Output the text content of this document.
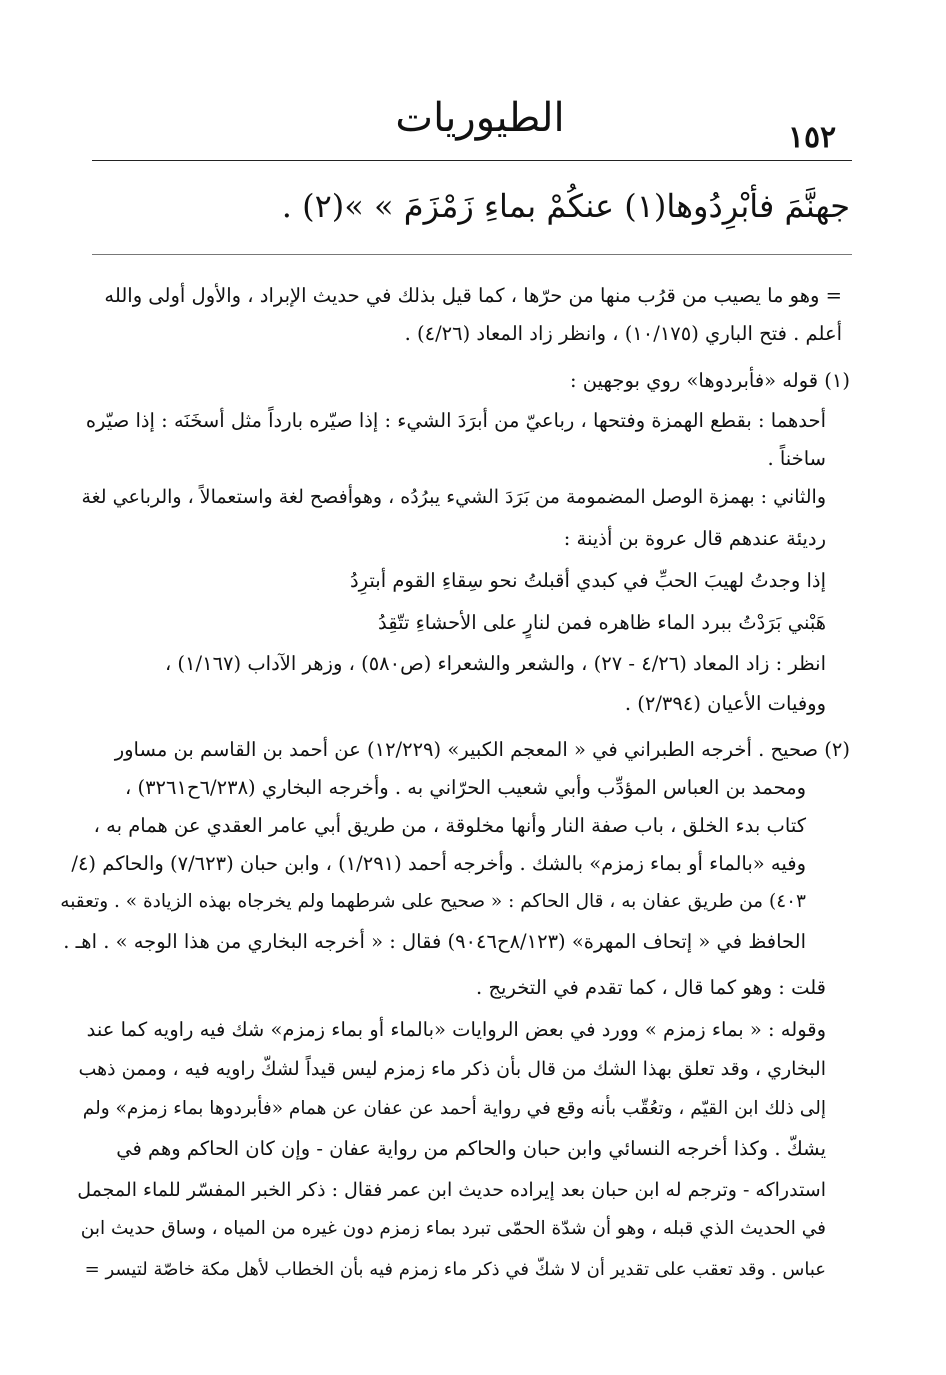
الطيوريات	١٥٢
جهنَّمَ فأبْرِدُوها(١) عنكُمْ بماءِ زَمْزَمَ » »(٢) .
= وهو ما يصيب من قرُب منها من حرّها ، كما قيل بذلك في حديث الإبراد ، والأول أولى والله
أعلم . فتح الباري (١٠/١٧٥) ، وانظر زاد المعاد (٤/٢٦) .
(١) قوله «فأبردوها» روي بوجهين :
أحدهما : بقطع الهمزة وفتحها ، رباعيّ من أبرَدَ الشيء : إذا صيّره بارداً مثل أسخَنَه : إذا صيّره
ساخناً .
والثاني : بهمزة الوصل المضمومة من بَرَدَ الشيء يبرُدُه ، وهوأفصح لغة واستعمالاً ، والرباعي لغة
رديئة عندهم قال عروة بن أذينة :
إذا وجدتُ لهيبَ الحبِّ في كبدي أقبلتُ نحو سِقاءِ القوم أبترِدُ
هَبْني بَرَدْتُ ببرد الماء ظاهره فمن لنارٍ على الأحشاءِ تتّقِدُ
انظر : زاد المعاد (٤/٢٦ - ٢٧) ، والشعر والشعراء (ص٥٨٠) ، وزهر الآداب (١/١٦٧) ،
ووفيات الأعيان (٢/٣٩٤) .
(٢) صحيح . أخرجه الطبراني في « المعجم الكبير» (١٢/٢٢٩) عن أحمد بن القاسم بن مساور
ومحمد بن العباس المؤدِّب وأبي شعيب الحرّاني به . وأخرجه البخاري (٦/٢٣٨ح٣٢٦١) ،
كتاب بدء الخلق ، باب صفة النار وأنها مخلوقة ، من طريق أبي عامر العقدي عن همام به ،
وفيه «بالماء أو بماء زمزم» بالشك . وأخرجه أحمد (١/٢٩١) ، وابن حبان (٧/٦٢٣) والحاكم (٤/
٤٠٣) من طريق عفان به ، قال الحاكم : « صحيح على شرطهما ولم يخرجاه بهذه الزيادة » . وتعقبه
الحافظ في « إتحاف المهرة» (٨/١٢٣ح٩٠٤٦) فقال : « أخرجه البخاري من هذا الوجه » . اهـ .
قلت : وهو كما قال ، كما تقدم في التخريج .
وقوله : « بماء زمزم » وورد في بعض الروايات «بالماء أو بماء زمزم» شك فيه راويه كما عند
البخاري ، وقد تعلق بهذا الشك من قال بأن ذكر ماء زمزم ليس قيداً لشكّ راويه فيه ، وممن ذهب
إلى ذلك ابن القيّم ، وتعُقّب بأنه وقع في رواية أحمد عن عفان عن همام «فأبردوها بماء زمزم» ولم
يشكّ . وكذا أخرجه النسائي وابن حبان والحاكم من رواية عفان - وإن كان الحاكم وهم في
استدراكه - وترجم له ابن حبان بعد إيراده حديث ابن عمر فقال : ذكر الخبر المفسّر للماء المجمل
في الحديث الذي قبله ، وهو أن شدّة الحمّى تبرد بماء زمزم دون غيره من المياه ، وساق حديث ابن
عباس . وقد تعقب على تقدير أن لا شكّ في ذكر ماء زمزم فيه بأن الخطاب لأهل مكة خاصّة لتيسر =
